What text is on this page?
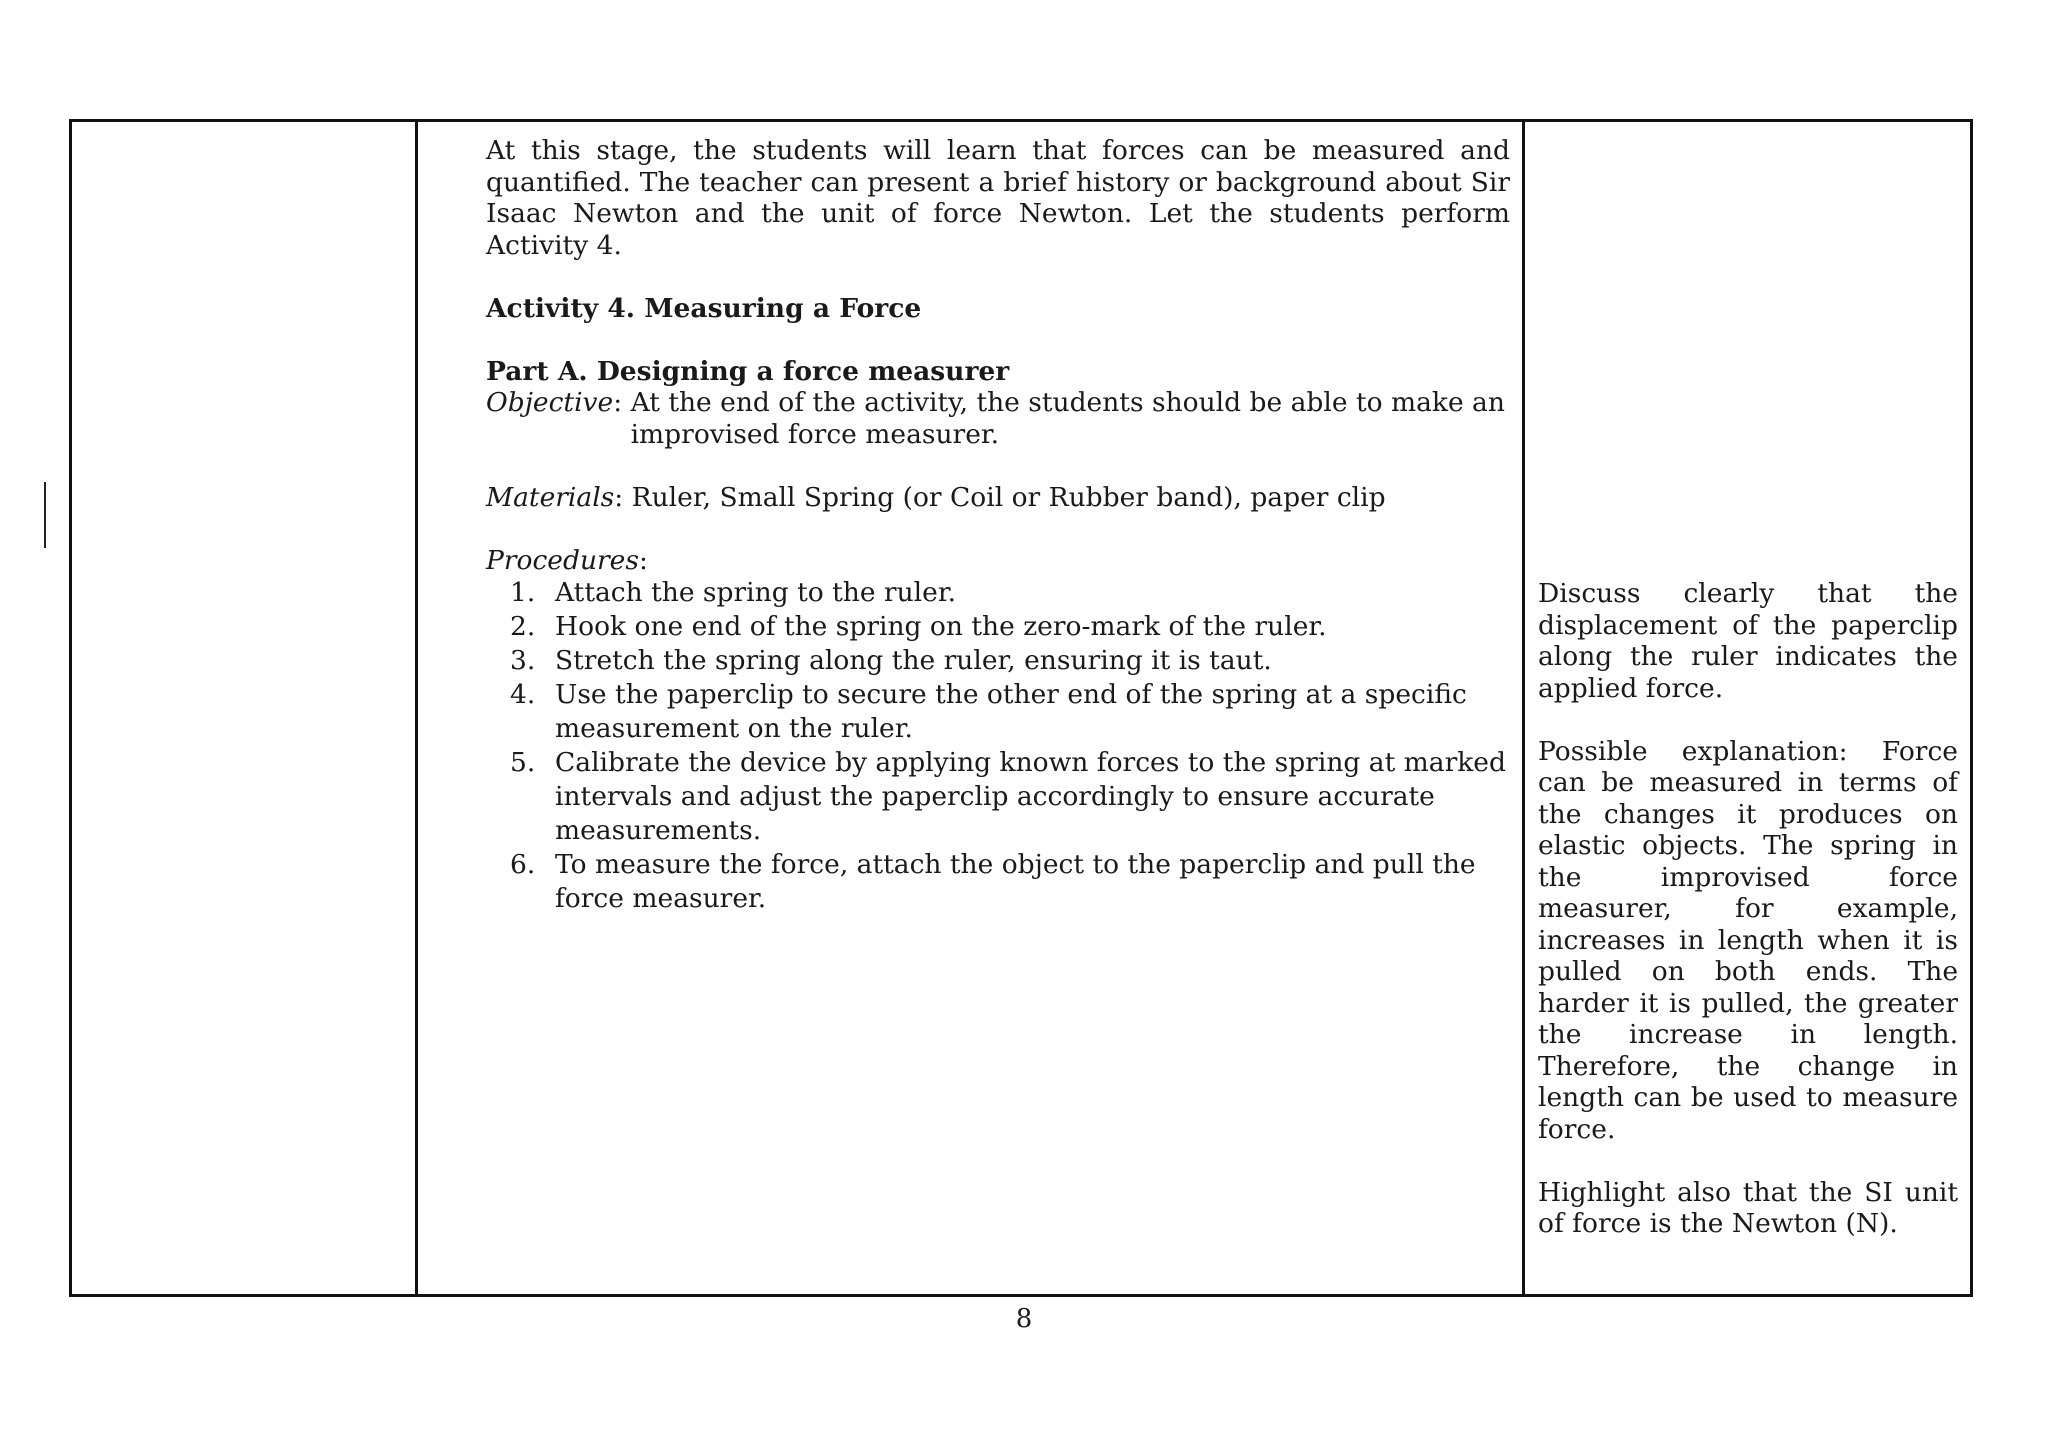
At this stage, the students will learn that forces can be measured and quantified. The teacher can present a brief history or background about Sir Isaac Newton and the unit of force Newton. Let the students perform Activity 4.

Activity 4. Measuring a Force

Part A. Designing a force measurer

Objective: At the end of the activity, the students should be able to make an improvised force measurer.

Materials: Ruler, Small Spring (or Coil or Rubber band), paper clip

Procedures:

1. Attach the spring to the ruler.
2. Hook one end of the spring on the zero-mark of the ruler.
3. Stretch the spring along the ruler, ensuring it is taut.
4. Use the paperclip to secure the other end of the spring at a specific measurement on the ruler.
5. Calibrate the device by applying known forces to the spring at marked intervals and adjust the paperclip accordingly to ensure accurate measurements.
6. To measure the force, attach the object to the paperclip and pull the force measurer.

Discuss clearly that the displacement of the paperclip along the ruler indicates the applied force.

Possible explanation: Force can be measured in terms of the changes it produces on elastic objects. The spring in the improvised force measurer, for example, increases in length when it is pulled on both ends. The harder it is pulled, the greater the increase in length. Therefore, the change in length can be used to measure force.

Highlight also that the SI unit of force is the Newton (N).

8
